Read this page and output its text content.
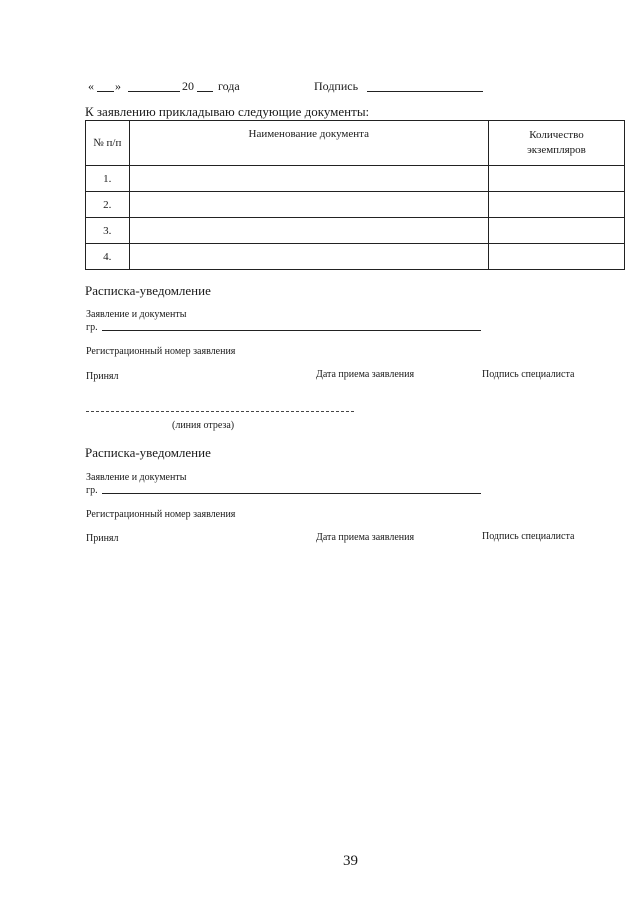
« »	20 года	Подпись
К заявлению прикладываю следующие документы:
№ п/п	Наименование документа	Количество экземпляров
1.		
2.		
3.		
4.		
Расписка-уведомление
Заявление и документы
гр.
Регистрационный номер заявления
Принял	Дата приема заявления	Подпись специалиста
(линия отреза)
Расписка-уведомление
Заявление и документы
гр.
Регистрационный номер заявления
Принял	Дата приема заявления	Подпись специалиста
39
